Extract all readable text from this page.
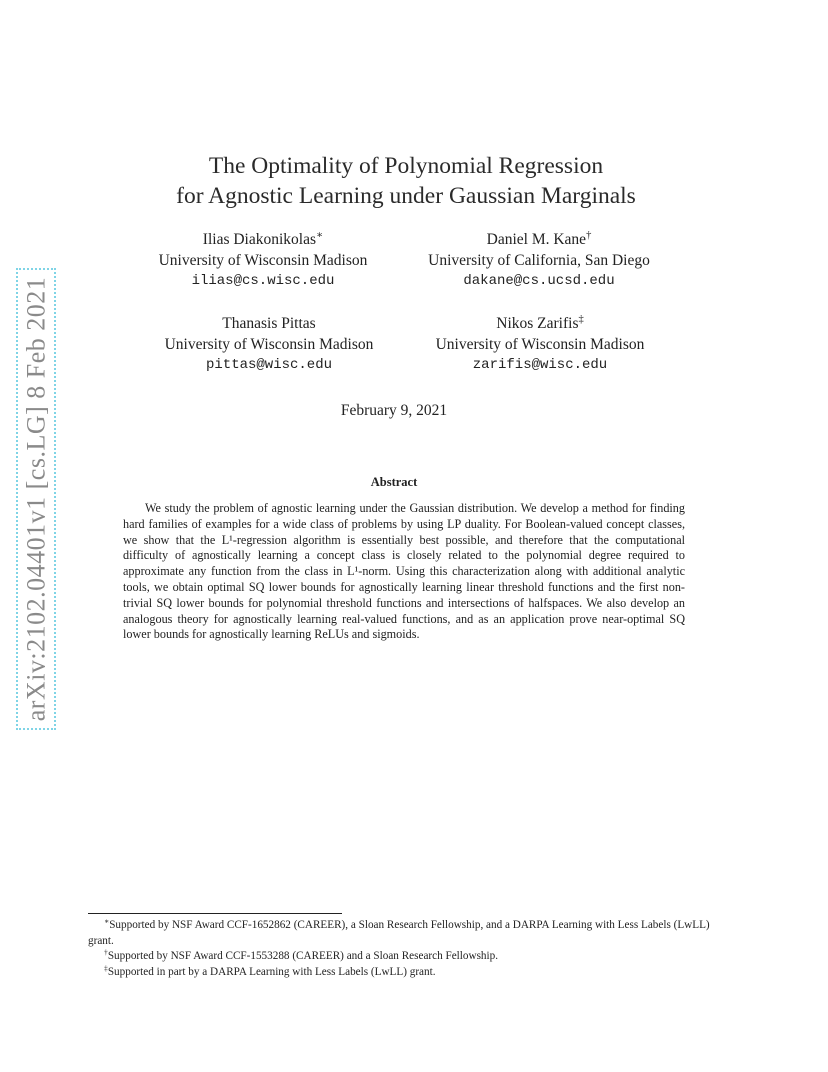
arXiv:2102.04401v1 [cs.LG] 8 Feb 2021
The Optimality of Polynomial Regression
for Agnostic Learning under Gaussian Marginals
Ilias Diakonikolas∗
University of Wisconsin Madison
ilias@cs.wisc.edu
Daniel M. Kane†
University of California, San Diego
dakane@cs.ucsd.edu
Thanasis Pittas
University of Wisconsin Madison
pittas@wisc.edu
Nikos Zarifis‡
University of Wisconsin Madison
zarifis@wisc.edu
February 9, 2021
Abstract

We study the problem of agnostic learning under the Gaussian distribution. We develop a method for finding hard families of examples for a wide class of problems by using LP duality. For Boolean-valued concept classes, we show that the L¹-regression algorithm is essentially best possible, and therefore that the computational difficulty of agnostically learning a concept class is closely related to the polynomial degree required to approximate any function from the class in L¹-norm. Using this characterization along with additional analytic tools, we obtain optimal SQ lower bounds for agnostically learning linear threshold functions and the first non-trivial SQ lower bounds for polynomial threshold functions and intersections of halfspaces. We also develop an analogous theory for agnostically learning real-valued functions, and as an application prove near-optimal SQ lower bounds for agnostically learning ReLUs and sigmoids.

∗Supported by NSF Award CCF-1652862 (CAREER), a Sloan Research Fellowship, and a DARPA Learning with Less Labels (LwLL) grant.

†Supported by NSF Award CCF-1553288 (CAREER) and a Sloan Research Fellowship.

‡Supported in part by a DARPA Learning with Less Labels (LwLL) grant.
